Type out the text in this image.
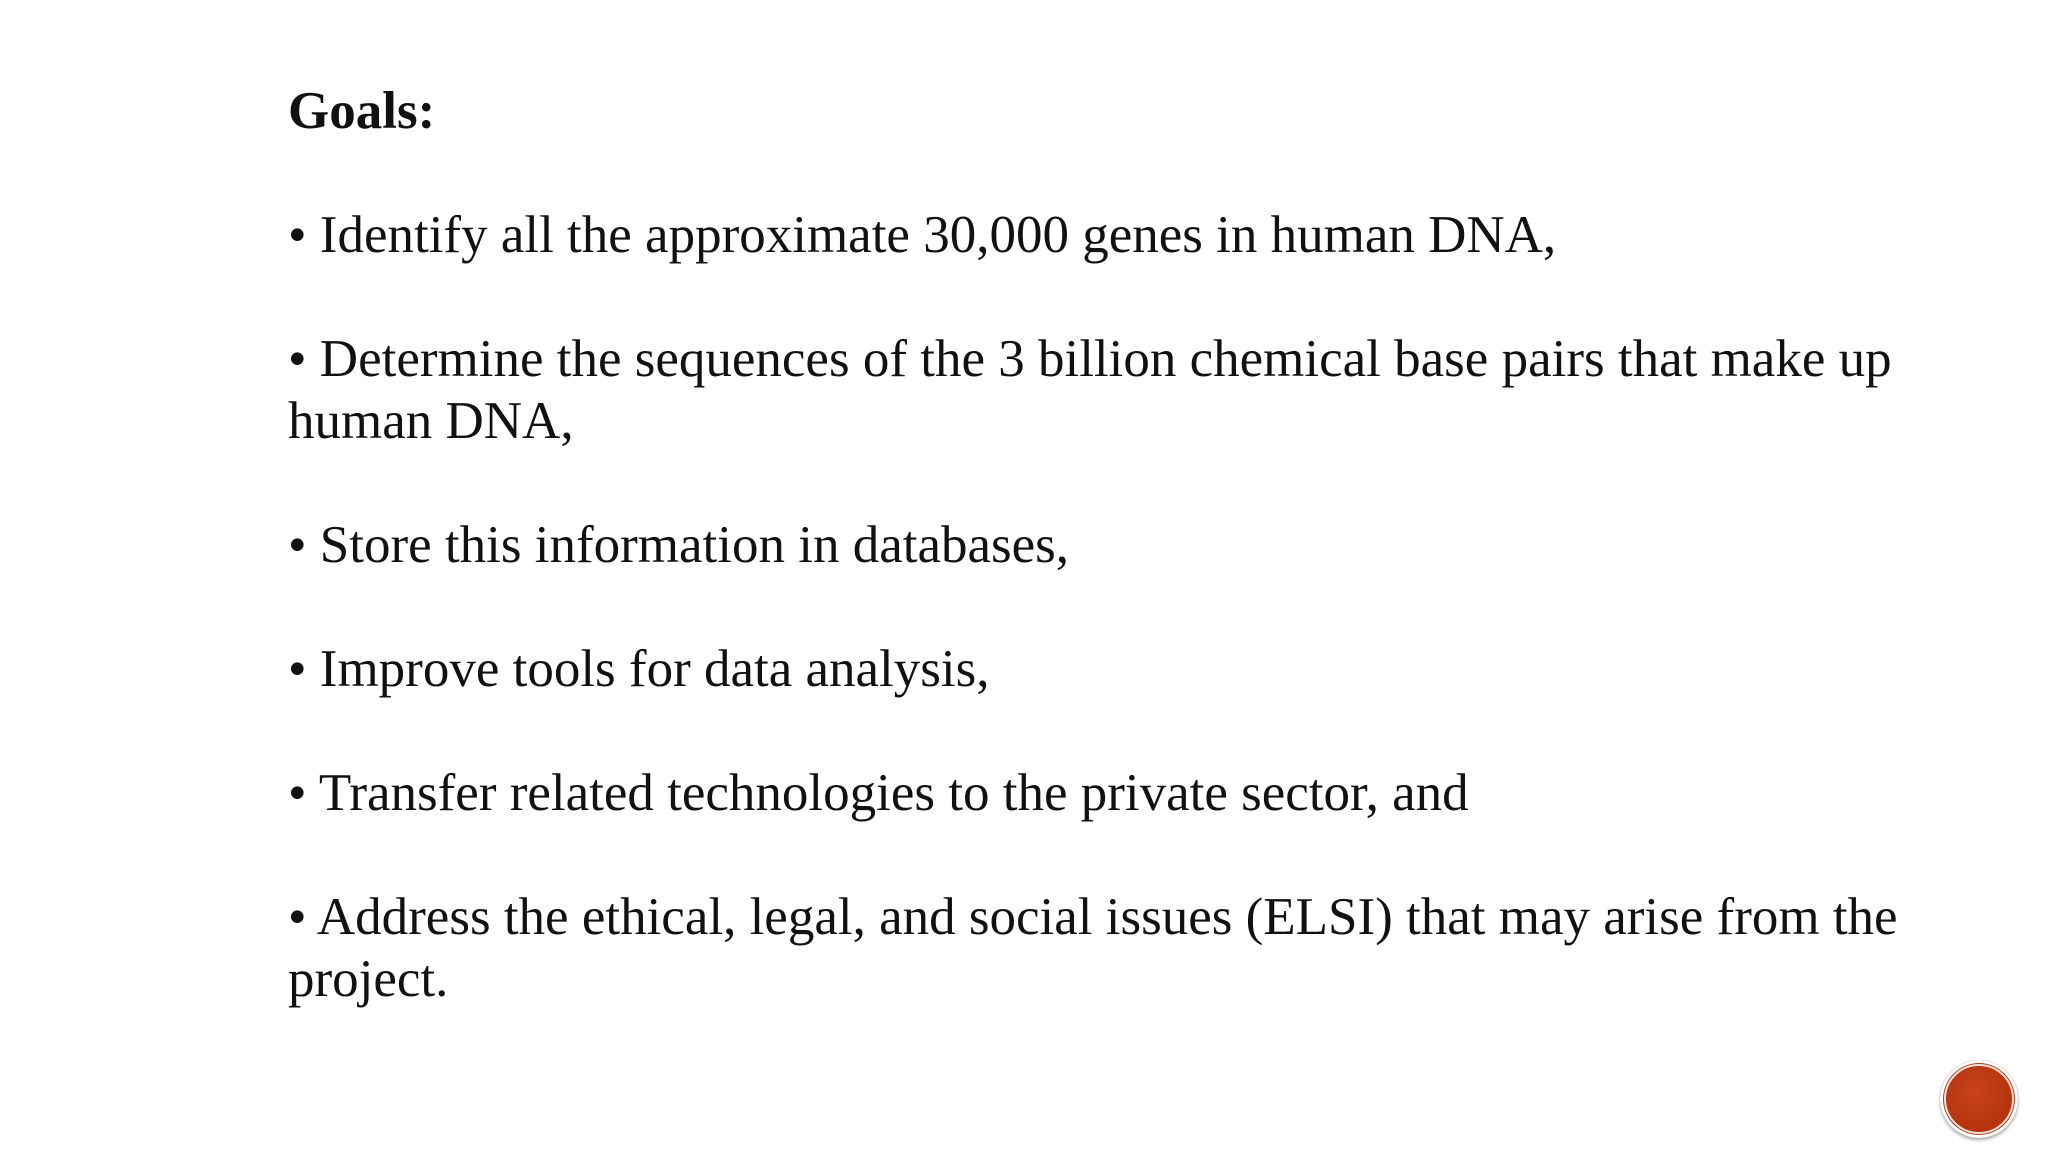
Goals:
• Identify all the approximate 30,000 genes in human DNA,
• Determine the sequences of the 3 billion chemical base pairs that make up human DNA,
• Store this information in databases,
• Improve tools for data analysis,
• Transfer related technologies to the private sector, and
• Address the ethical, legal, and social issues (ELSI) that may arise from the project.
